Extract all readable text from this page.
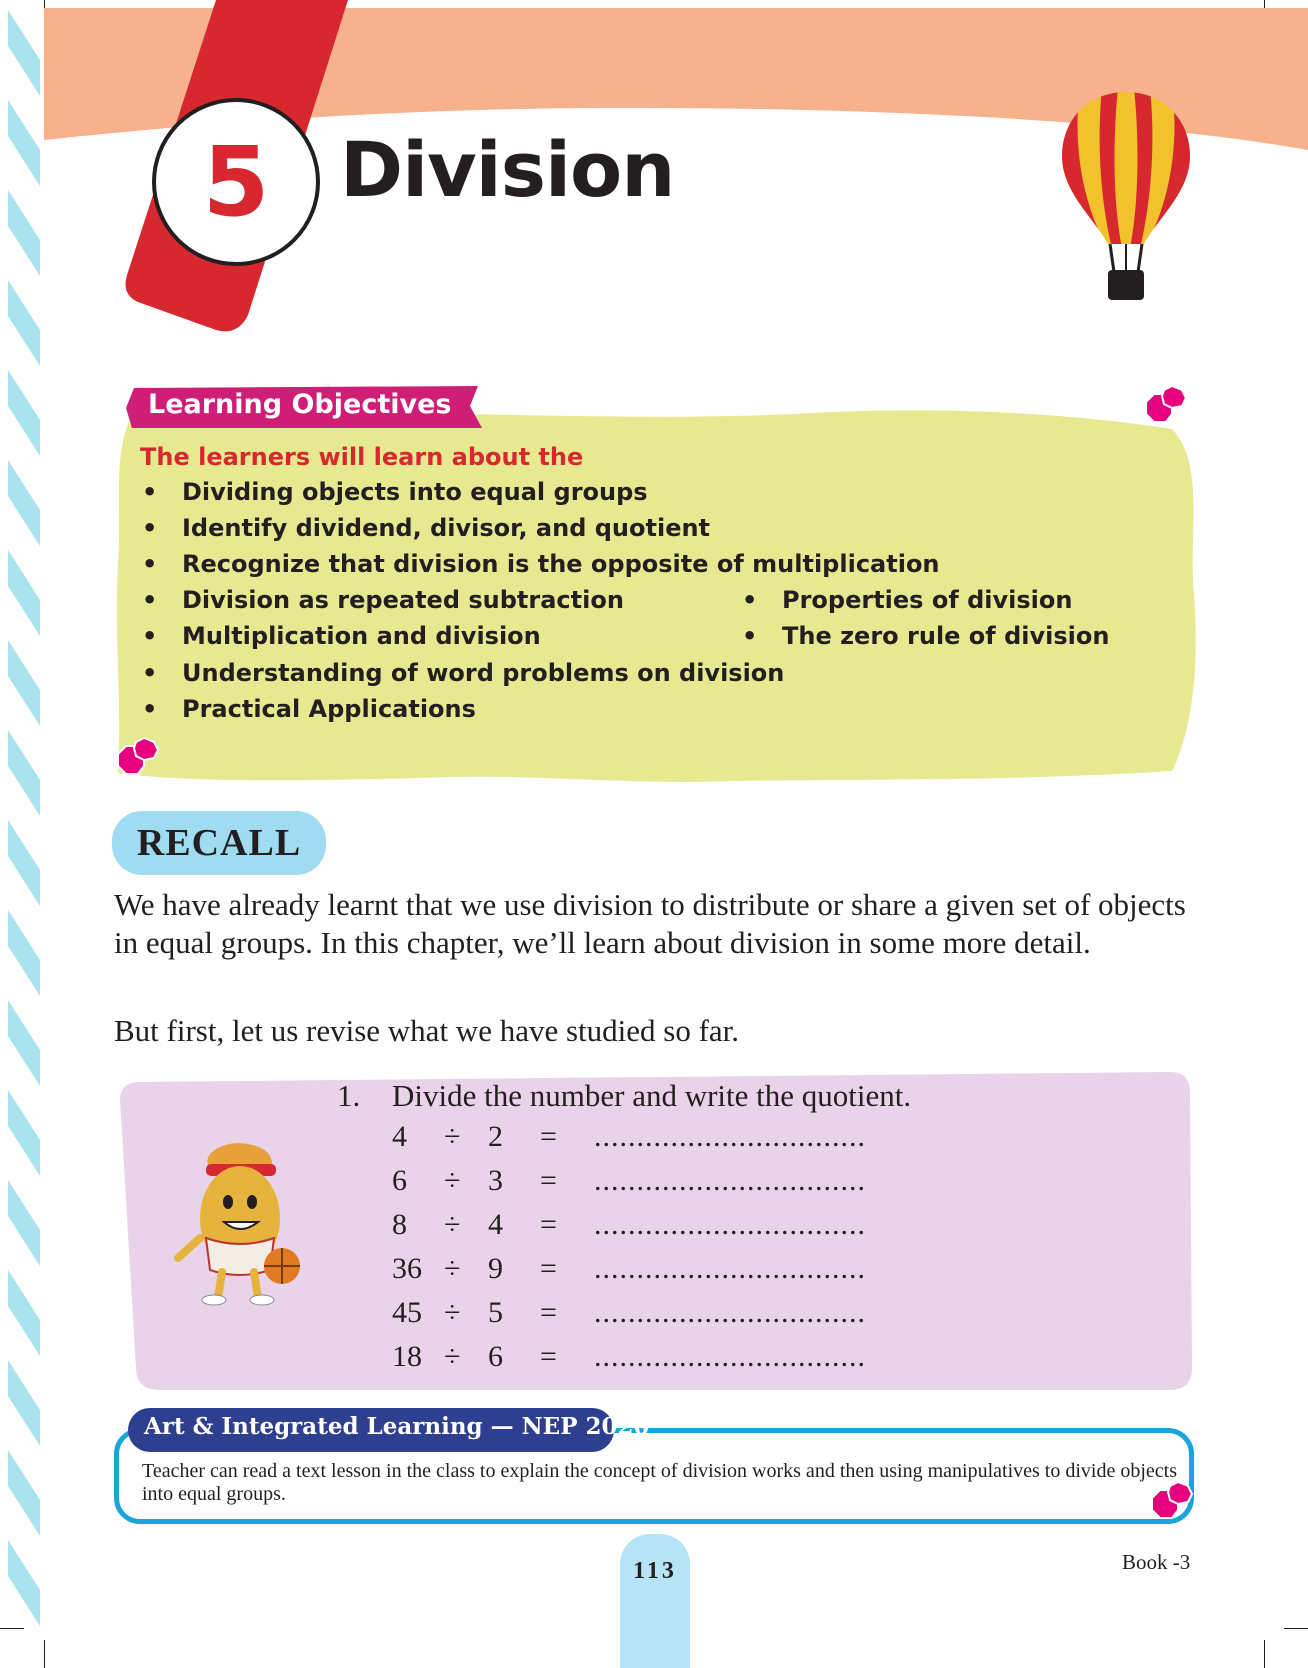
5 Division
Learning Objectives
The learners will learn about the
•	Dividing objects into equal groups
•	Identify dividend, divisor, and quotient
•	Recognize that division is the opposite of multiplication
•	Division as repeated subtraction
•	Multiplication and division
•	Understanding of word problems on division
•	Practical Applications
•	Properties of division
•	The zero rule of division
RECALL
We have already learnt that we use division to distribute or share a given set of objects in equal groups. In this chapter, we’ll learn about division in some more detail.
But first, let us revise what we have studied so far.
1. Divide the number and write the quotient.
4 ÷ 2 = ................................
6 ÷ 3 = ................................
8 ÷ 4 = ................................
36 ÷ 9 = ................................
45 ÷ 5 = ................................
18 ÷ 6 = ................................
Art & Integrated Learning — NEP 2020
Teacher can read a text lesson in the class to explain the concept of division works and then using manipulatives to divide objects into equal groups.
113	Book -3
